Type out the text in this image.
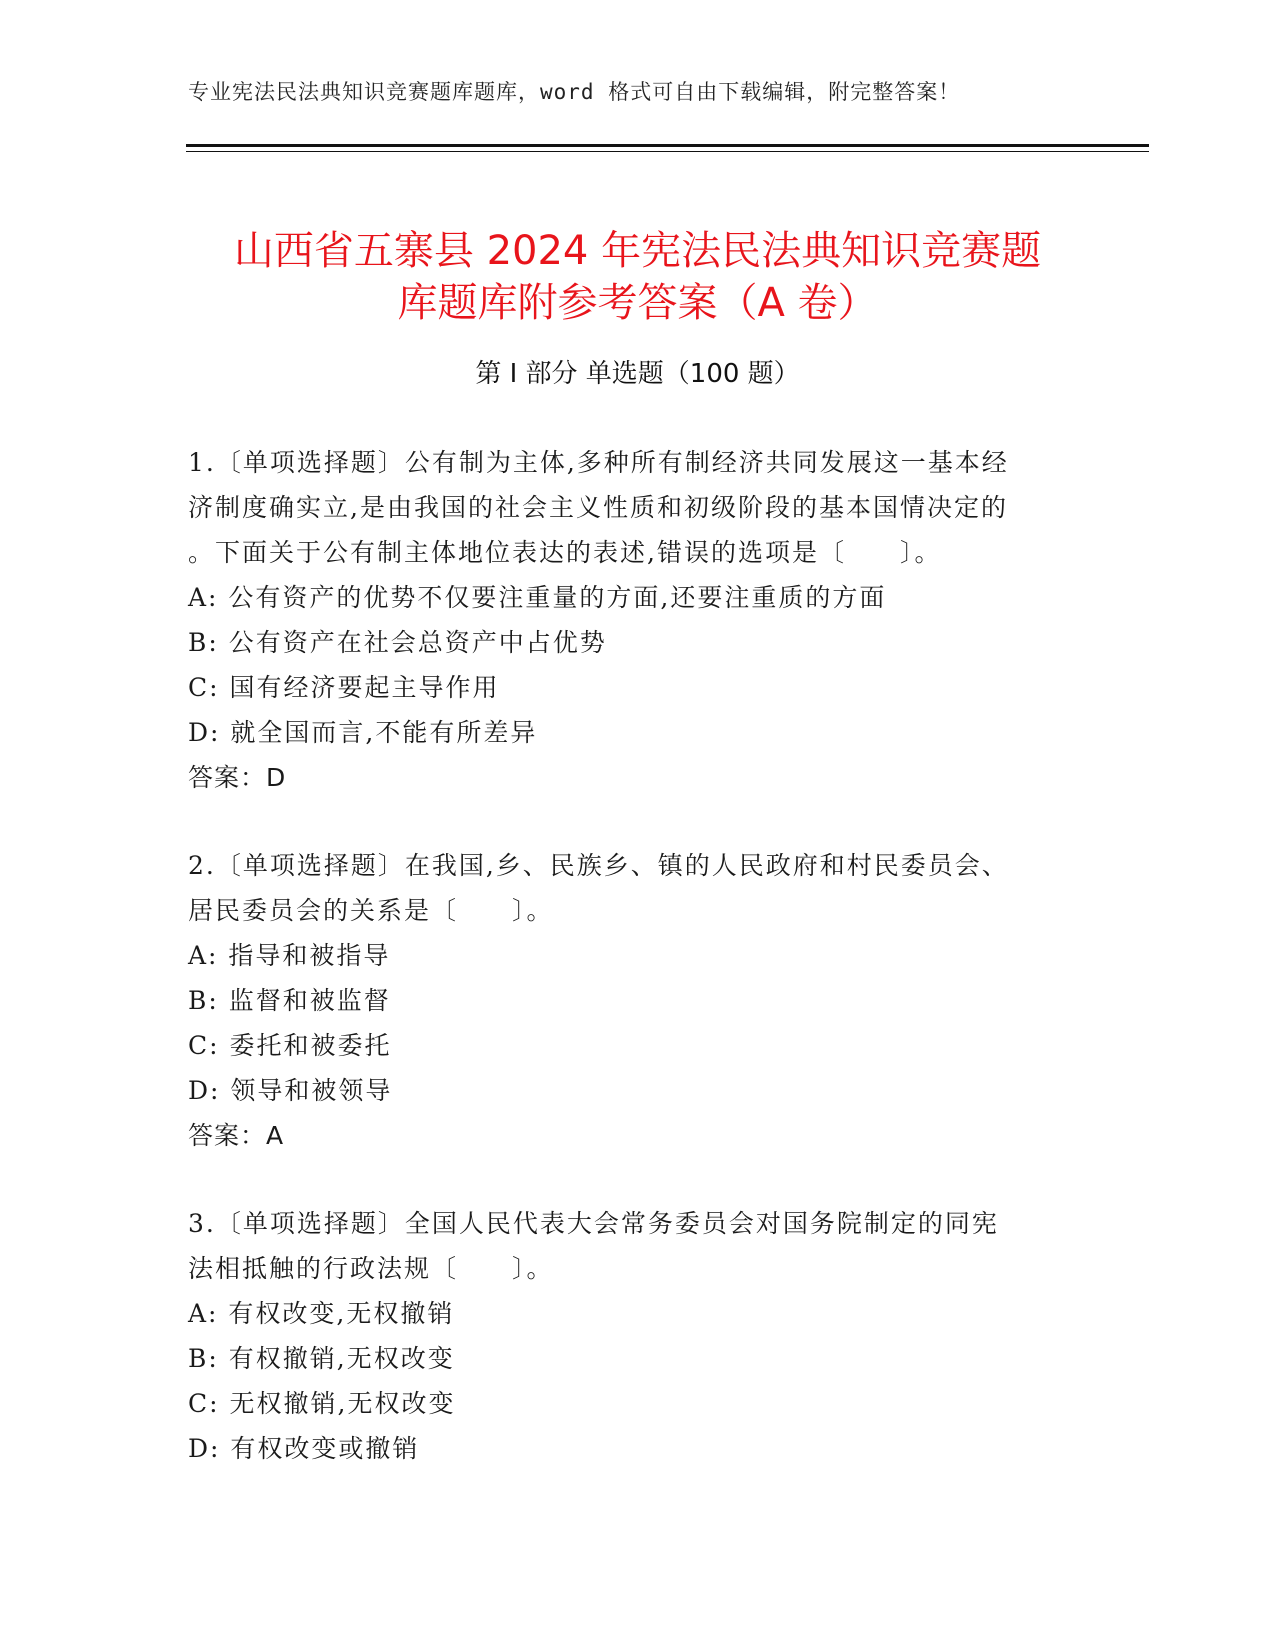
专业宪法民法典知识竞赛题库题库，word 格式可自由下载编辑，附完整答案！
山西省五寨县 2024 年宪法民法典知识竞赛题
库题库附参考答案（A 卷）
第 I 部分 单选题（100 题）

1.〔单项选择题〕公有制为主体,多种所有制经济共同发展这一基本经

济制度确实立,是由我国的社会主义性质和初级阶段的基本国情决定的

。下面关于公有制主体地位表达的表述,错误的选项是〔　　〕。

A: 公有资产的优势不仅要注重量的方面,还要注重质的方面

B: 公有资产在社会总资产中占优势

C: 国有经济要起主导作用

D: 就全国而言,不能有所差异

答案：D

2.〔单项选择题〕在我国,乡、民族乡、镇的人民政府和村民委员会、

居民委员会的关系是〔　　〕。

A: 指导和被指导

B: 监督和被监督

C: 委托和被委托

D: 领导和被领导

答案：A

3.〔单项选择题〕全国人民代表大会常务委员会对国务院制定的同宪

法相抵触的行政法规〔　　〕。

A: 有权改变,无权撤销

B: 有权撤销,无权改变

C: 无权撤销,无权改变

D: 有权改变或撤销
